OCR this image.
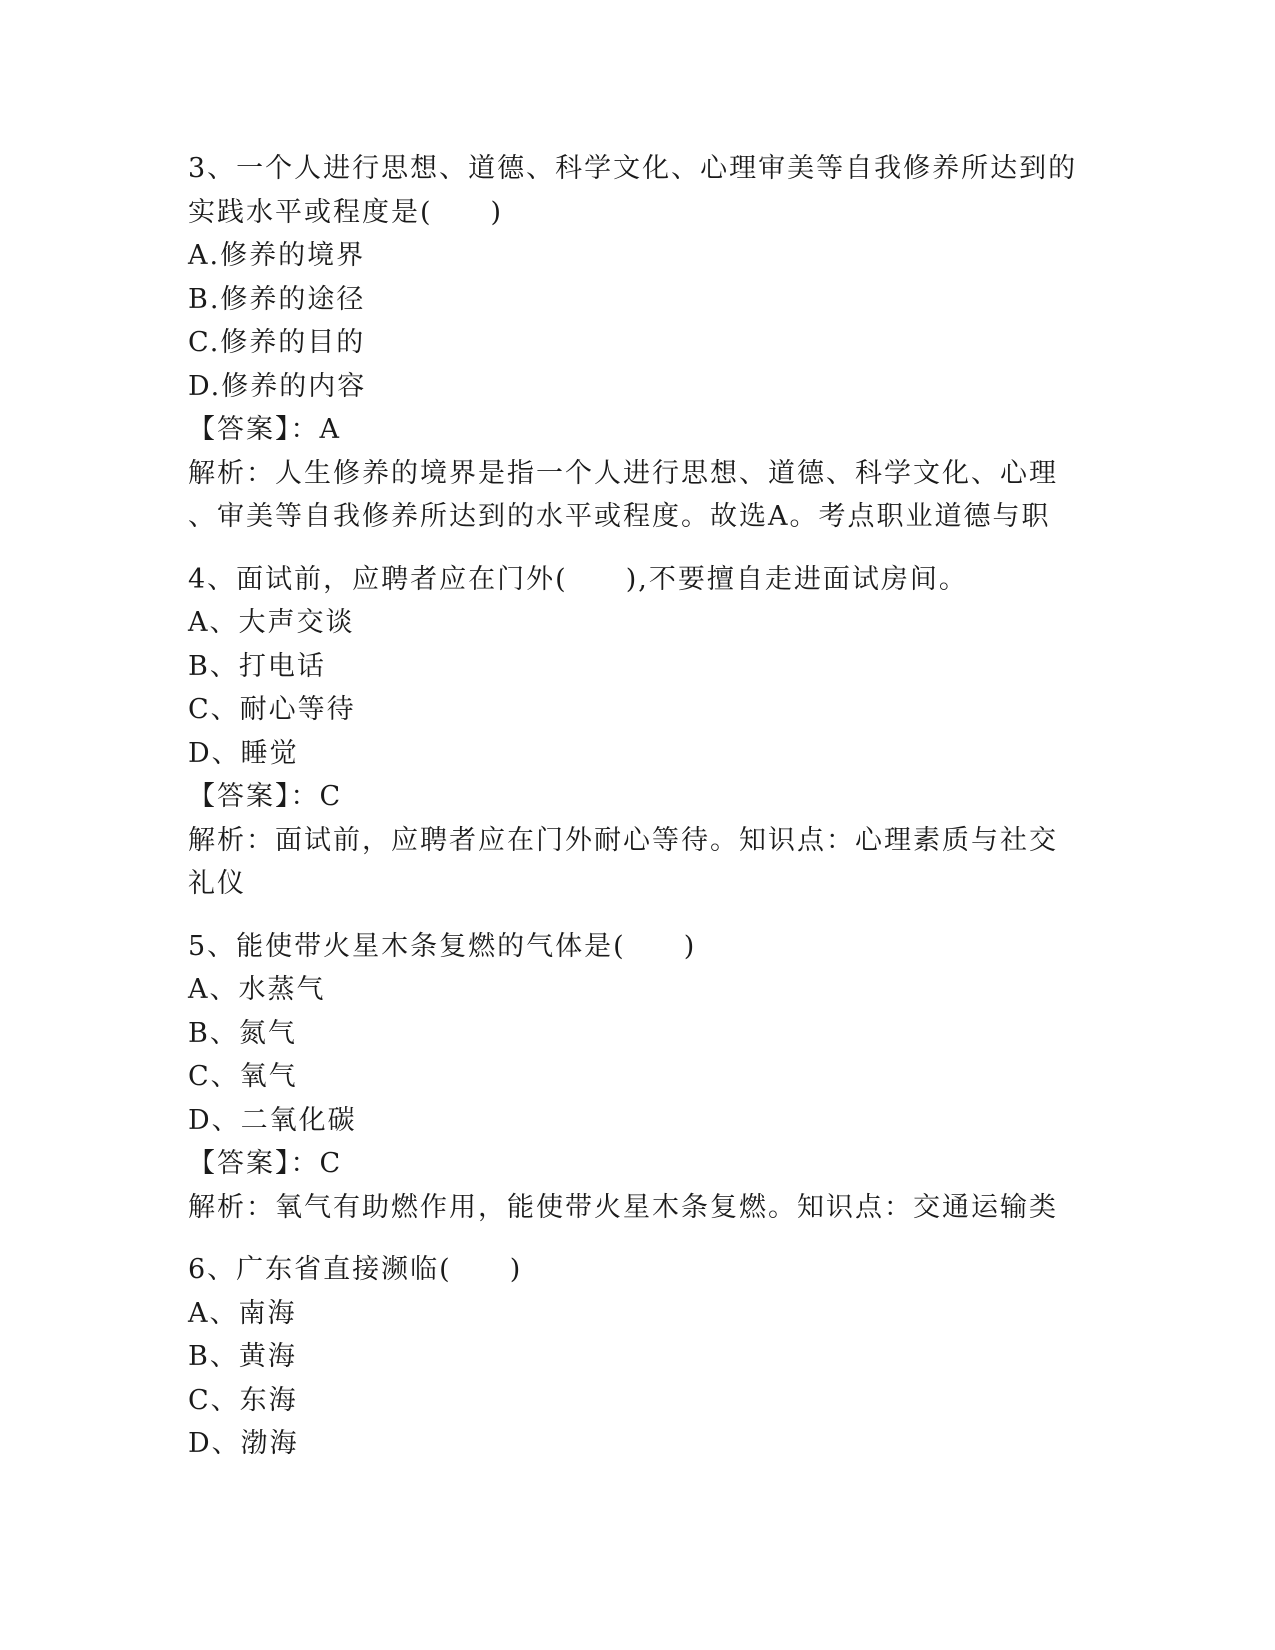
3、一个人进行思想、道德、科学文化、心理审美等自我修养所达到的
实践水平或程度是(　　)
A.修养的境界
B.修养的途径
C.修养的目的
D.修养的内容
【答案】：A
解析：人生修养的境界是指一个人进行思想、道德、科学文化、心理
、审美等自我修养所达到的水平或程度。故选A。考点职业道德与职
4、面试前，应聘者应在门外(　　),不要擅自走进面试房间。
A、大声交谈
B、打电话
C、耐心等待
D、睡觉
【答案】：C
解析：面试前，应聘者应在门外耐心等待。知识点：心理素质与社交
礼仪
5、能使带火星木条复燃的气体是(　　)
A、水蒸气
B、氮气
C、氧气
D、二氧化碳
【答案】：C
解析：氧气有助燃作用，能使带火星木条复燃。知识点：交通运输类
6、广东省直接濒临(　　)
A、南海
B、黄海
C、东海
D、渤海
